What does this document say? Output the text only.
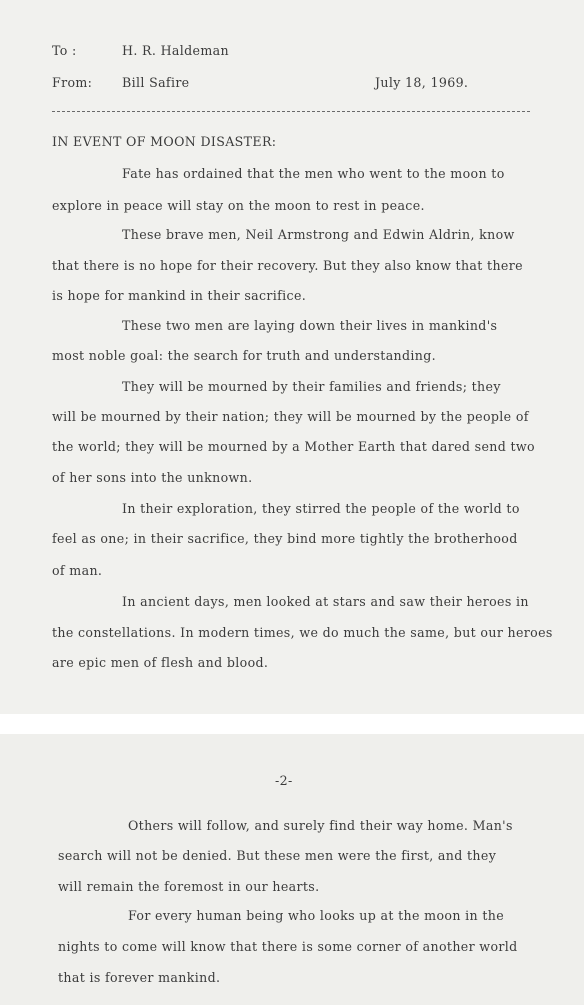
To :	H. R. Haldeman
From: Bill Safire	July 18, 1969.
IN EVENT OF MOON DISASTER:
Fate has ordained that the men who went to the moon to
explore in peace will stay on the moon to rest in peace.
These brave men, Neil Armstrong and Edwin Aldrin, know
that there is no hope for their recovery. But they also know that there
is hope for mankind in their sacrifice.
These two men are laying down their lives in mankind's
most noble goal: the search for truth and understanding.
They will be mourned by their families and friends; they
will be mourned by their nation; they will be mourned by the people of
the world; they will be mourned by a Mother Earth that dared send two
of her sons into the unknown.
In their exploration, they stirred the people of the world to
feel as one; in their sacrifice, they bind more tightly the brotherhood
of man.
In ancient days, men looked at stars and saw their heroes in
the constellations. In modern times, we do much the same, but our heroes
are epic men of flesh and blood.
-2-
Others will follow, and surely find their way home. Man's
search will not be denied. But these men were the first, and they
will remain the foremost in our hearts.
For every human being who looks up at the moon in the
nights to come will know that there is some corner of another world
that is forever mankind.
